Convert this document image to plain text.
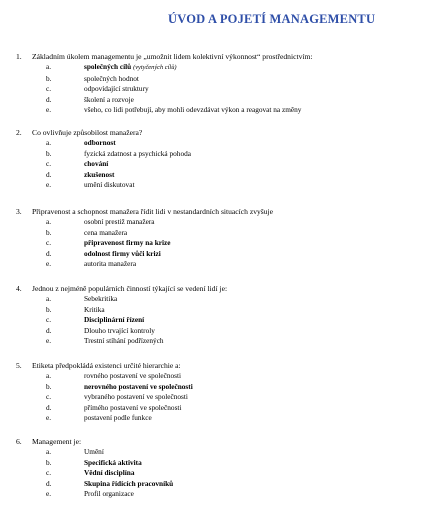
ÚVOD A POJETÍ MANAGEMENTU
1.	Základním úkolem managementu je „umožnit lidem kolektivní výkonnost“ prostřednictvím:
a.	společných cílů (vytyčených cílů)
b.	společných hodnot
c.	odpovídající struktury
d.	školení a rozvoje
e.	všeho, co lidi potřebují, aby mohli odevzdávat výkon a reagovat na změny
2.	Co ovlivňuje způsobilost manažera?
a.	odbornost
b.	fyzická zdatnost a psychická pohoda
c.	chování
d.	zkušenost
e.	umění diskutovat
3.	Připravenost a schopnost manažera řídit lidi v nestandardních situacích zvyšuje
a.	osobní prestiž manažera
b.	cena manažera
c.	připravenost firmy na krize
d.	odolnost firmy vůči krizi
e.	autorita manažera
4.	Jednou z nejméně populárních činností týkající se vedení lidí je:
a.	Sebekritika
b.	Kritika
c.	Disciplinární řízení
d.	Dlouho trvající kontroly
e.	Trestní stíhání podřízených
5.	Etiketa předpokládá existenci určité hierarchie a:
a.	rovného postavení ve společnosti
b.	nerovného postavení ve společnosti
c.	vybraného postavení ve společnosti
d.	přímého postavení ve společnosti
e.	postavení podle funkce
6.	Management je:
a.	Umění
b.	Specifická aktivita
c.	Vědní disciplína
d.	Skupina řídících pracovníků
e.	Profil organizace
